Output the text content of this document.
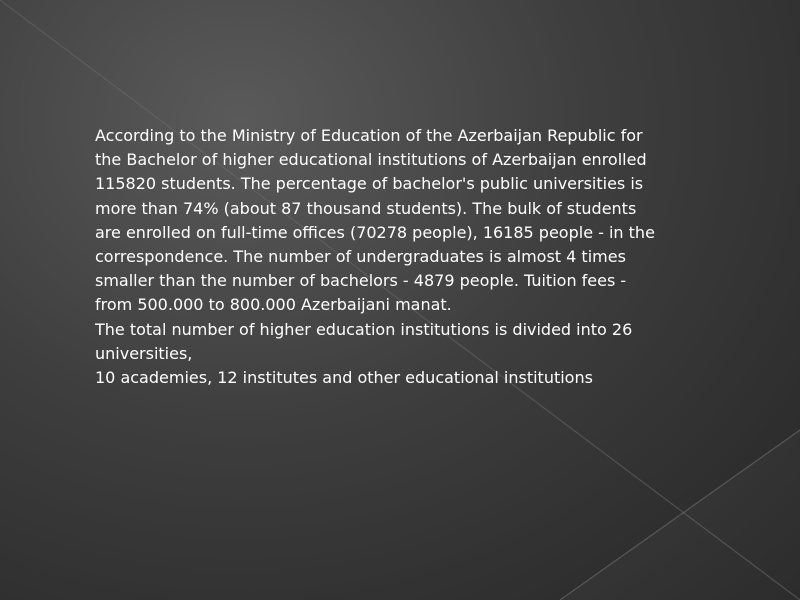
According to the Ministry of Education of the Azerbaijan Republic for the Bachelor of higher educational institutions of Azerbaijan enrolled 115820 students. The percentage of bachelor's public universities is more than 74% (about 87 thousand students). The bulk of students are enrolled on full-time offices (70278 people), 16185 people - in the correspondence. The number of undergraduates is almost 4 times smaller than the number of bachelors - 4879 people. Tuition fees - from 500.000 to 800.000 Azerbaijani manat.
The total number of higher education institutions is divided into 26 universities,
10 academies, 12 institutes and other educational institutions
